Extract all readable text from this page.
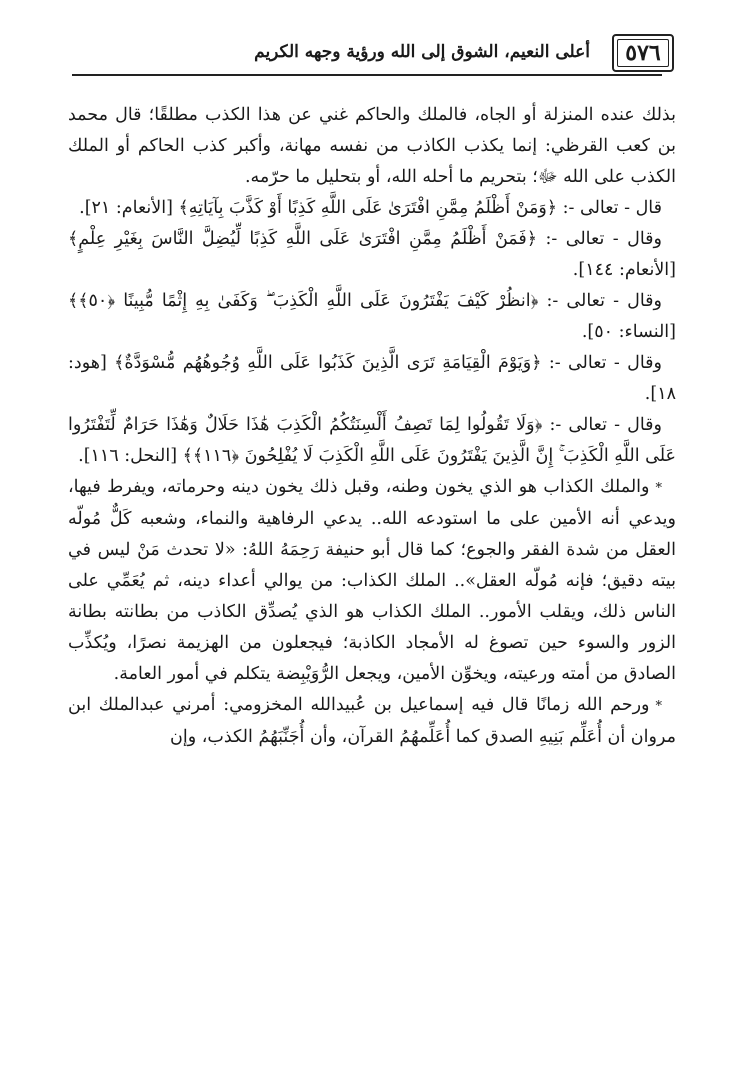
٥٧٦
أعلى النعيم، الشوق إلى الله ورؤية وجهه الكريم

بذلك عنده المنزلة أو الجاه، فالملك والحاكم غني عن هذا الكذب مطلقًا؛ قال محمد بن كعب القرظي: إنما يكذب الكاذب من نفسه مهانة، وأكبر كذب الحاكم أو الملك الكذب على الله ﷻ؛ بتحريم ما أحله الله، أو بتحليل ما حرّمه.

قال - تعالى -: ﴿وَمَنْ أَظْلَمُ مِمَّنِ افْتَرَىٰ عَلَى اللَّهِ كَذِبًا أَوْ كَذَّبَ بِآيَاتِهِ﴾ [الأنعام: ٢١].

وقال - تعالى -: ﴿فَمَنْ أَظْلَمُ مِمَّنِ افْتَرَىٰ عَلَى اللَّهِ كَذِبًا لِّيُضِلَّ النَّاسَ بِغَيْرِ عِلْمٍ﴾ [الأنعام: ١٤٤].

وقال - تعالى -: ﴿انظُرْ كَيْفَ يَفْتَرُونَ عَلَى اللَّهِ الْكَذِبَ ۖ وَكَفَىٰ بِهِ إِثْمًا مُّبِينًا ﴿٥٠﴾﴾ [النساء: ٥٠].

وقال - تعالى -: ﴿وَيَوْمَ الْقِيَامَةِ تَرَى الَّذِينَ كَذَبُوا عَلَى اللَّهِ وُجُوهُهُم مُّسْوَدَّةٌ﴾ [هود: ١٨].

وقال - تعالى -: ﴿وَلَا تَقُولُوا لِمَا تَصِفُ أَلْسِنَتُكُمُ الْكَذِبَ هَٰذَا حَلَالٌ وَهَٰذَا حَرَامٌ لِّتَفْتَرُوا عَلَى اللَّهِ الْكَذِبَ ۚ إِنَّ الَّذِينَ يَفْتَرُونَ عَلَى اللَّهِ الْكَذِبَ لَا يُفْلِحُونَ ﴿١١٦﴾﴾ [النحل: ١١٦].

*والملك الكذاب هو الذي يخون وطنه، وقبل ذلك يخون دينه وحرماته، ويفرط فيها، ويدعي أنه الأمين على ما استودعه الله.. يدعي الرفاهية والنماء، وشعبه كَلٌّ مُولّه العقل من شدة الفقر والجوع؛ كما قال أبو حنيفة رَحِمَهُ اللهُ: «لا تحدث مَنْ ليس في بيته دقيق؛ فإنه مُولّه العقل».. الملك الكذاب: من يوالي أعداء دينه، ثم يُعَمِّي على الناس ذلك، ويقلب الأمور.. الملك الكذاب هو الذي يُصدِّق الكاذب من بطانته بطانة الزور والسوء حين تصوغ له الأمجاد الكاذبة؛ فيجعلون من الهزيمة نصرًا، ويُكذِّب الصادق من أمته ورعيته، ويخوِّن الأمين، ويجعل الرُّوَيْبِضة يتكلم في أمور العامة.

*ورحم الله زمانًا قال فيه إسماعيل بن عُبيدالله المخزومي: أمرني عبدالملك ابن مروان أن أُعَلِّم بَنِيهِ الصدق كما أُعَلِّمهُمُ القرآن، وأن أُجَنِّبَهُمُ الكذب، وإن
